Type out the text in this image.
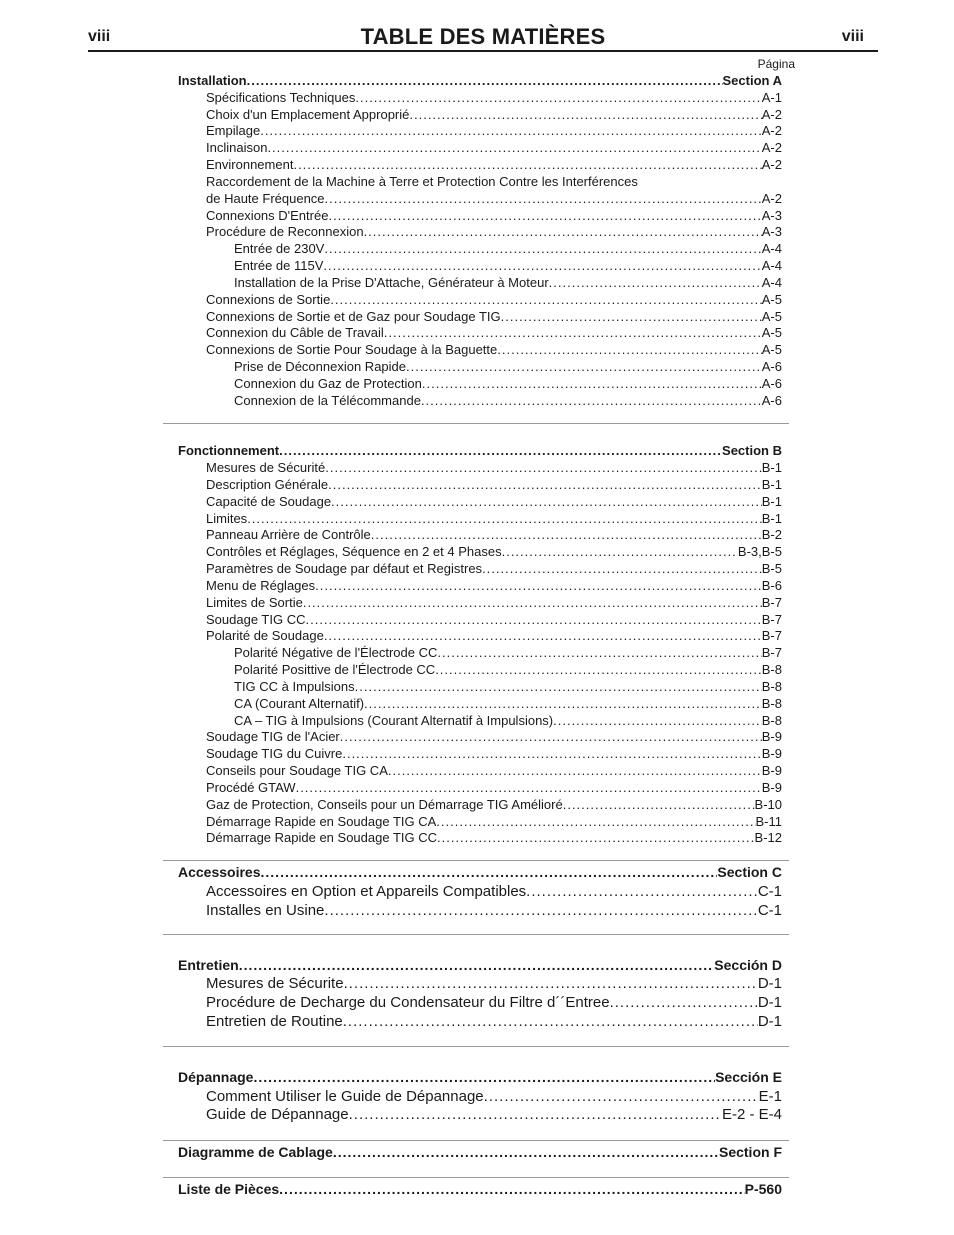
viii	TABLE DES MATIÈRES	viii
Página
Installation .....	Section A
Spécifications Techniques .....	A-1
Choix d'un Emplacement Approprié .....	A-2
Empilage .....	A-2
Inclinaison .....	A-2
Environnement .....	A-2
Raccordement de la Machine à Terre et Protection Contre les Interférences
de Haute Fréquence .....	A-2
Connexions D'Entrée .....	A-3
Procédure de Reconnexion .....	A-3
Entrée de 230V .....	A-4
Entrée de 115V .....	A-4
Installation de la Prise D'Attache, Générateur à Moteur .....	A-4
Connexions de Sortie .....	A-5
Connexions de Sortie et de Gaz pour Soudage TIG .....	A-5
Connexion du Câble de Travail .....	A-5
Connexions de Sortie Pour Soudage à la Baguette .....	A-5
Prise de Déconnexion Rapide .....	A-6
Connexion du Gaz de Protection .....	A-6
Connexion de la Télécommande .....	A-6
Fonctionnement .....	Section B
Mesures de Sécurité .....	B-1
Description Générale .....	B-1
Capacité de Soudage .....	B-1
Limites .....	B-1
Panneau Arrière de Contrôle .....	B-2
Contrôles et Réglages, Séquence en 2 et 4 Phases .....	B-3,B-5
Paramètres de Soudage par défaut et Registres .....	B-5
Menu de Réglages .....	B-6
Limites de Sortie .....	B-7
Soudage TIG CC .....	B-7
Polarité de Soudage .....	B-7
Polarité Négative de l'Électrode CC .....	B-7
Polarité Posittive de l'Électrode CC .....	B-8
TIG CC à Impulsions .....	B-8
CA (Courant Alternatif) .....	B-8
CA – TIG à Impulsions (Courant Alternatif à Impulsions) .....	B-8
Soudage TIG de l'Acier .....	B-9
Soudage TIG du Cuivre .....	B-9
Conseils pour Soudage TIG CA .....	B-9
Procédé GTAW .....	B-9
Gaz de Protection, Conseils pour un Démarrage TIG Amélioré .....	B-10
Démarrage Rapide en Soudage TIG CA .....	B-11
Démarrage Rapide en Soudage TIG CC .....	B-12
Accessoires .....	Section C
Accessoires en Option et Appareils Compatibles .....	C-1
Installes en Usine .....	C-1
Entretien .....	Sección D
Mesures de Sécurite .....	D-1
Procédure de Decharge du Condensateur du Filtre d´´Entree .....	D-1
Entretien de Routine .....	D-1
Dépannage .....	Sección E
Comment Utiliser le Guide de Dépannage .....	E-1
Guide de Dépannage .....	E-2 - E-4
Diagramme de Cablage .....	Section F
Liste de Pièces .....	P-560
